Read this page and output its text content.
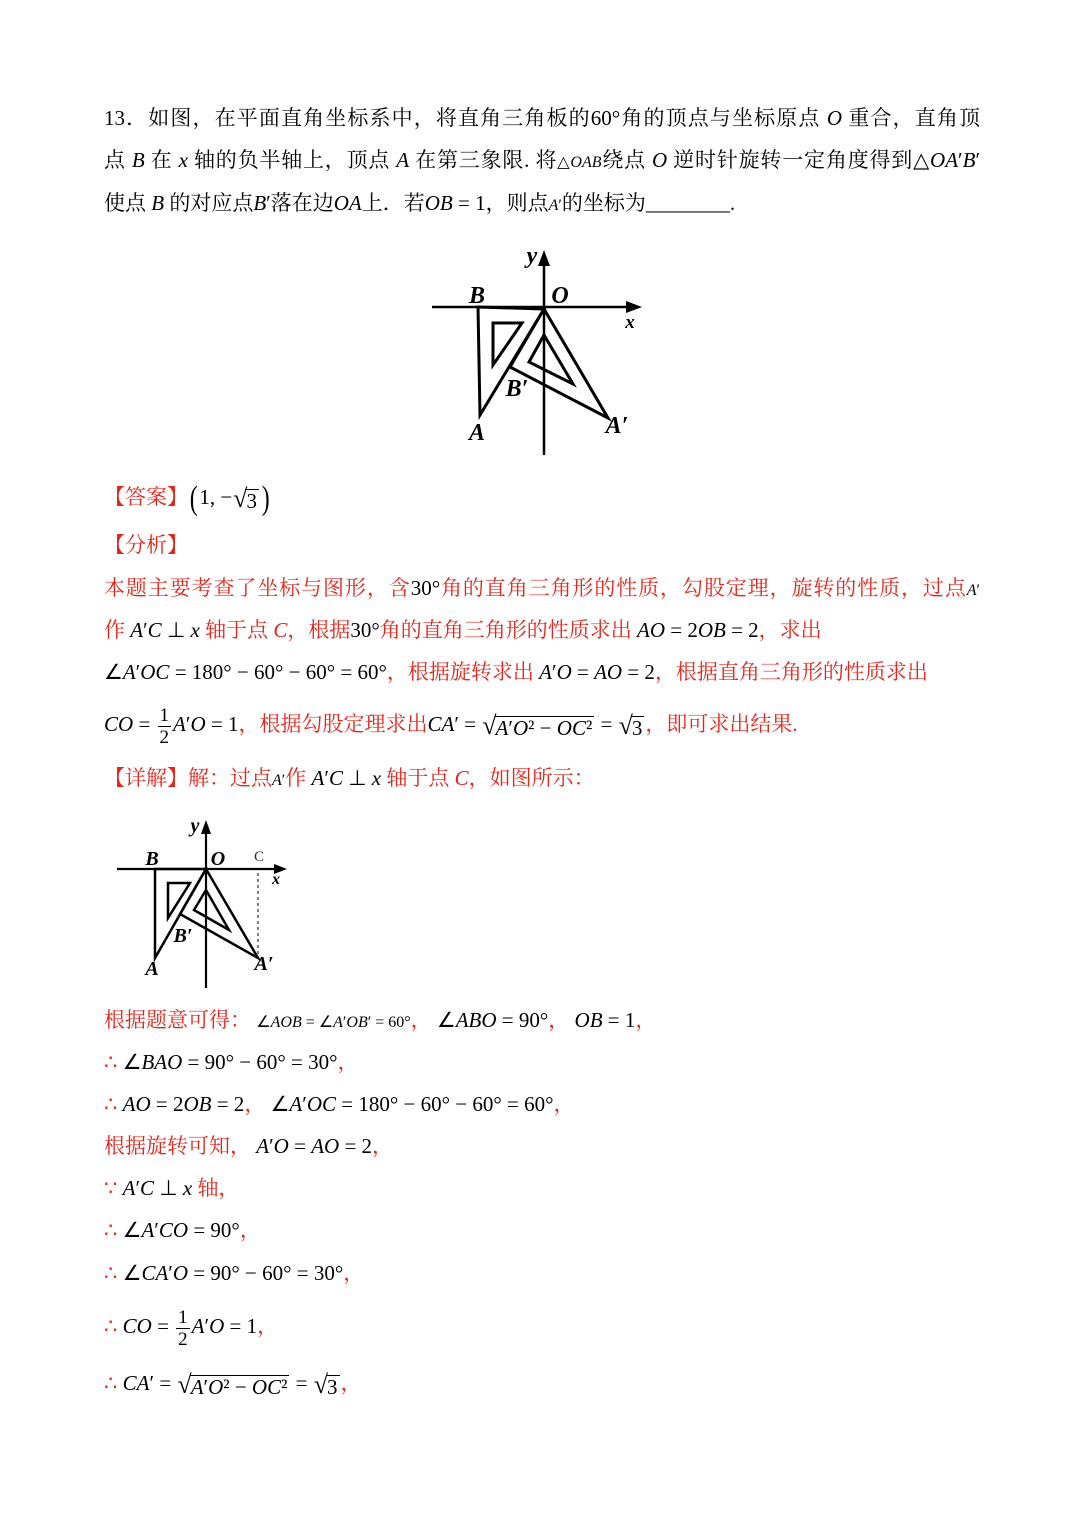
13．如图，在平面直角坐标系中，将直角三角板的60°角的顶点与坐标原点 O 重合，直角顶
点 B 在 x 轴的负半轴上，顶点 A 在第三象限. 将△OAB绕点 O 逆时针旋转一定角度得到△OA′B′
使点 B 的对应点B′落在边OA上．若OB = 1，则点A′的坐标为________.
y
x
B	O
B′
A	A′
【答案】(1, −√3 )
【分析】
本题主要考查了坐标与图形，含30°角的直角三角形的性质，勾股定理，旋转的性质，过点A′
作 A′C ⊥ x 轴于点 C，根据30°角的直角三角形的性质求出 AO = 2OB = 2，求出
∠A′OC = 180° − 60° − 60° = 60°，根据旋转求出 A′O = AO = 2，根据直角三角形的性质求出
CO = $\frac{1}{2} A'O = 1$，根据勾股定理求出CA′ = √A′O² − OC² = √3 ，即可求出结果.
【详解】解：过点A′作 A′C ⊥ x 轴于点 C，如图所示：
y
x
B	O C
B′
A	A′
根据题意可得： ∠AOB = ∠A′OB′ = 60°， ∠ABO = 90°， OB = 1，
∴ ∠BAO = 90° − 60° = 30°，
∴ AO = 2OB = 2， ∠A′OC = 180° − 60° − 60° = 60°，
根据旋转可知， A′O = AO = 2，
∵ A′C ⊥ x 轴，
∴ ∠A′CO = 90°，
∴ ∠CA′O = 90° − 60° = 30°，
∴ CO = $\frac{1}{2} A'O = 1$，
∴ CA′ = √A′O² − OC² = √3 ，
